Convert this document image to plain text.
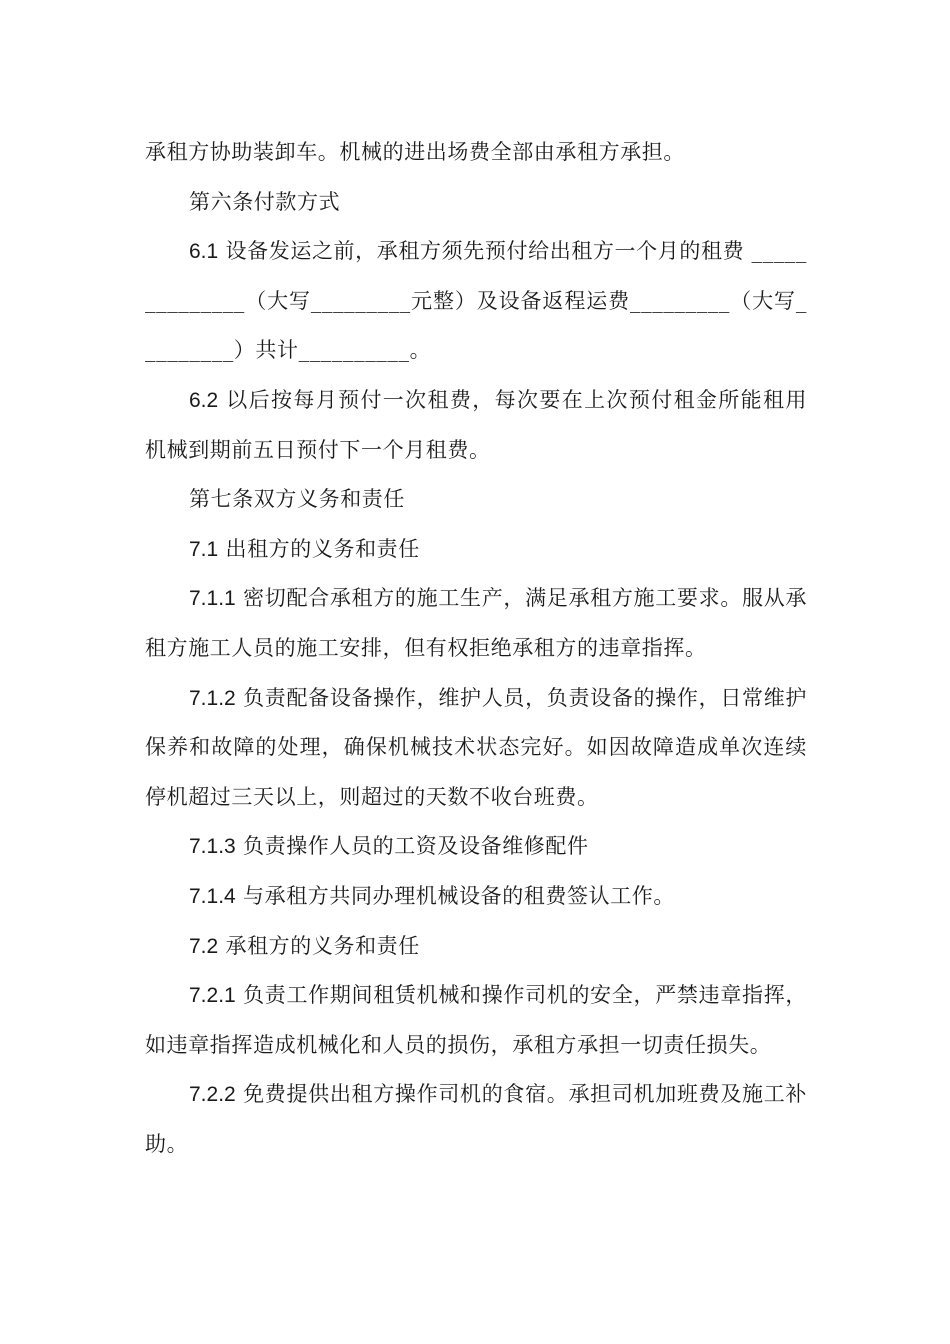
承租方协助装卸车。机械的进出场费全部由承租方承担。

第六条付款方式

6.1 设备发运之前，承租方须先预付给出租方一个月的租费 ______________（大写_________元整）及设备返程运费_________（大写_________）共计__________。

6.2 以后按每月预付一次租费，每次要在上次预付租金所能租用机械到期前五日预付下一个月租费。

第七条双方义务和责任

7.1 出租方的义务和责任

7.1.1 密切配合承租方的施工生产，满足承租方施工要求。服从承租方施工人员的施工安排，但有权拒绝承租方的违章指挥。

7.1.2 负责配备设备操作，维护人员，负责设备的操作，日常维护保养和故障的处理，确保机械技术状态完好。如因故障造成单次连续停机超过三天以上，则超过的天数不收台班费。

7.1.3 负责操作人员的工资及设备维修配件

7.1.4 与承租方共同办理机械设备的租费签认工作。

7.2 承租方的义务和责任

7.2.1 负责工作期间租赁机械和操作司机的安全，严禁违章指挥，如违章指挥造成机械化和人员的损伤，承租方承担一切责任损失。

7.2.2 免费提供出租方操作司机的食宿。承担司机加班费及施工补助。
